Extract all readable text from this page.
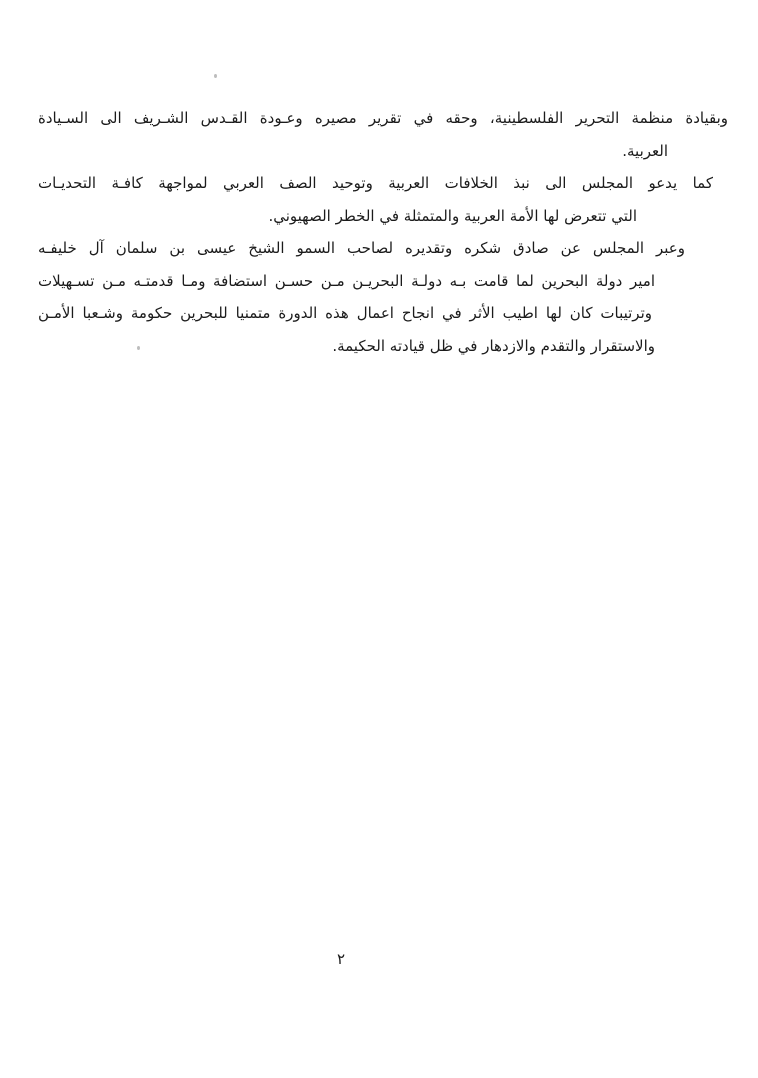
وبقيادة منظمة التحرير الفلسطينية، وحقه في تقرير مصيره وعـودة القـدس الشـريف الى السـيادة
العربية.
كما يدعو المجلس الى نبذ الخلافات العربية وتوحيد الصف العربي لمواجهة كافـة التحديـات
التي تتعرض لها الأمة العربية والمتمثلة في الخطر الصهيوني.
وعبر المجلس عن صادق شكره وتقديره لصاحب السمو الشيخ عيسى بن سلمان آل خليفـه
امير دولة البحرين لما قامت بـه دولـة البحريـن مـن حسـن استضافة ومـا قدمتـه مـن تسـهيلات
وترتيبات كان لها اطيب الأثر في انجاح اعمال هذه الدورة متمنيا للبحرين حكومة وشـعبا الأمـن
والاستقرار والتقدم والازدهار في ظل قيادته الحكيمة.
٢
